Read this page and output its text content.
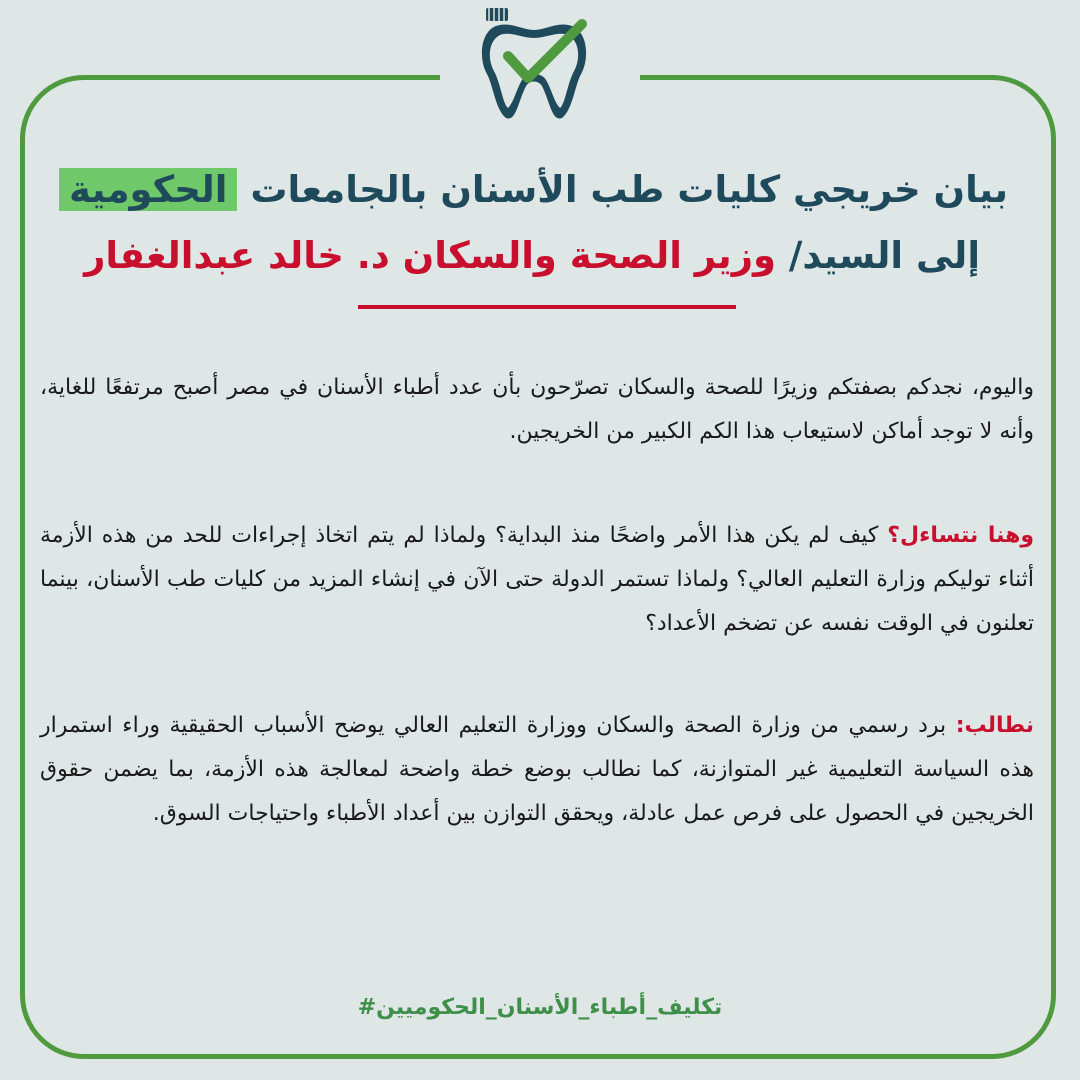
بيان خريجي كليات طب الأسنان بالجامعات الحكومية
إلى السيد/ وزير الصحة والسكان د. خالد عبدالغفار

واليوم، نجدكم بصفتكم وزيرًا للصحة والسكان تصرّحون بأن عدد أطباء الأسنان في مصر أصبح مرتفعًا للغاية، وأنه لا توجد أماكن لاستيعاب هذا الكم الكبير من الخريجين.

وهنا نتساءل؟ كيف لم يكن هذا الأمر واضحًا منذ البداية؟ ولماذا لم يتم اتخاذ إجراءات للحد من هذه الأزمة أثناء توليكم وزارة التعليم العالي؟ ولماذا تستمر الدولة حتى الآن في إنشاء المزيد من كليات طب الأسنان، بينما تعلنون في الوقت نفسه عن تضخم الأعداد؟

نطالب: برد رسمي من وزارة الصحة والسكان ووزارة التعليم العالي يوضح الأسباب الحقيقية وراء استمرار هذه السياسة التعليمية غير المتوازنة، كما نطالب بوضع خطة واضحة لمعالجة هذه الأزمة، بما يضمن حقوق الخريجين في الحصول على فرص عمل عادلة، ويحقق التوازن بين أعداد الأطباء واحتياجات السوق.

تكليف_أطباء_الأسنان_الحكوميين#
